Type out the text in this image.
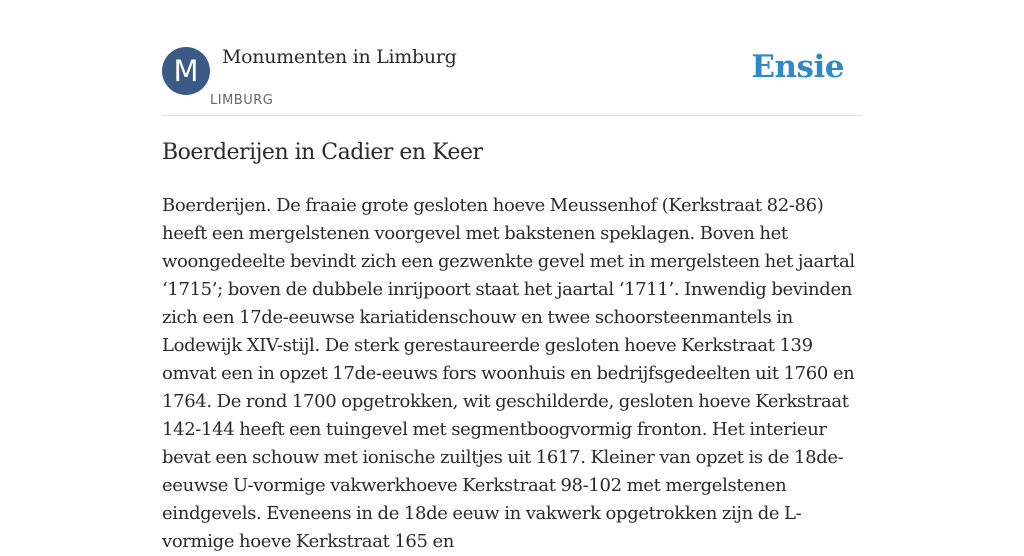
M	Monumenten in Limburg
LIMBURG
Ensie
Boerderijen in Cadier en Keer

Boerderijen. De fraaie grote gesloten hoeve Meussenhof (Kerkstraat 82-86) heeft een mergelstenen voorgevel met bakstenen speklagen. Boven het woongedeelte bevindt zich een gezwenkte gevel met in mergelsteen het jaartal ‘1715’; boven de dubbele inrijpoort staat het jaartal ‘1711’. Inwendig bevinden zich een 17de-eeuwse kariatidenschouw en twee schoorsteenmantels in Lodewijk XIV-stijl. De sterk gerestaureerde gesloten hoeve Kerkstraat 139 omvat een in opzet 17de-eeuws fors woonhuis en bedrijfsgedeelten uit 1760 en 1764. De rond 1700 opgetrokken, wit geschilderde, gesloten hoeve Kerkstraat 142-144 heeft een tuingevel met segmentboogvormig fronton. Het interieur bevat een schouw met ionische zuiltjes uit 1617. Kleiner van opzet is de 18de-eeuwse U-vormige vakwerkhoeve Kerkstraat 98-102 met mergelstenen eindgevels. Eveneens in de 18de eeuw in vakwerk opgetrokken zijn de L-vormige hoeve Kerkstraat 165 en
